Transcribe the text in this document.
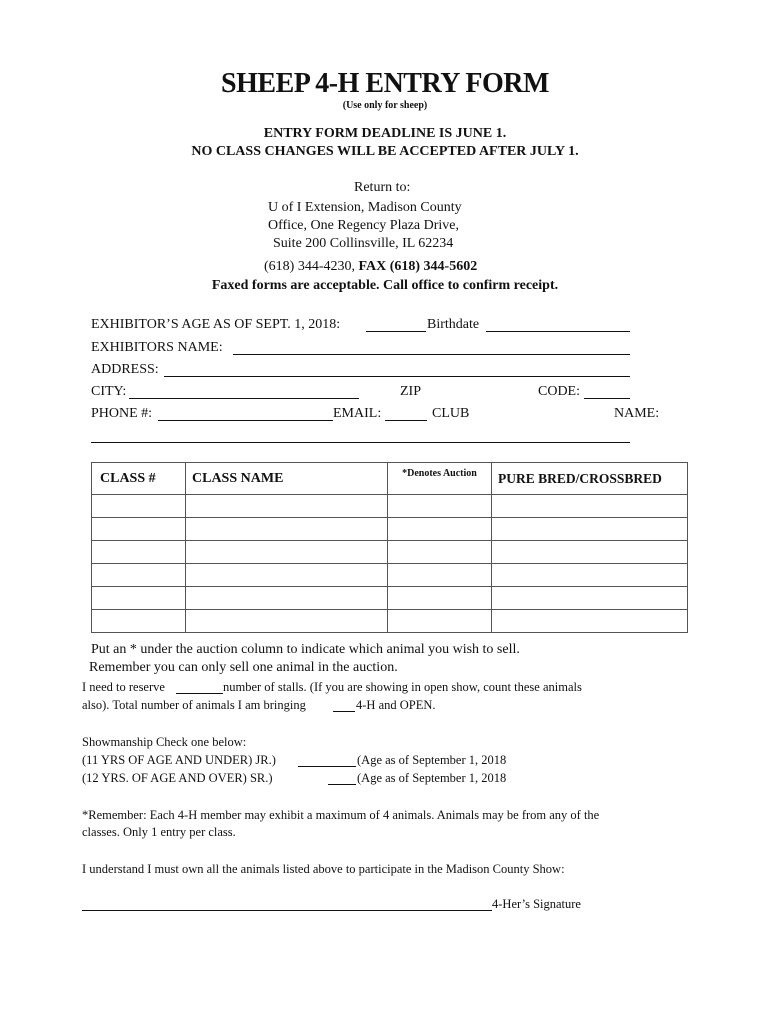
SHEEP 4-H ENTRY FORM
(Use only for sheep)
ENTRY FORM DEADLINE IS JUNE 1.
NO CLASS CHANGES WILL BE ACCEPTED AFTER JULY 1.
Return to:
U of I Extension, Madison County
Office, One Regency Plaza Drive,
Suite 200 Collinsville, IL 62234
(618) 344-4230, FAX (618) 344-5602
Faxed forms are acceptable. Call office to confirm receipt.
EXHIBITOR’S AGE AS OF SEPT. 1, 2018:	Birthdate
EXHIBITORS NAME:
ADDRESS:
CITY:	ZIP	CODE:
PHONE #:	EMAIL:	CLUB	NAME:
CLASS #	CLASS NAME	*Denotes Auction	PURE BRED/CROSSBRED

Put an * under the auction column to indicate which animal you wish to sell.
Remember you can only sell one animal in the auction.
I need to reserve	number of stalls. (If you are showing in open show, count these animals
also). Total number of animals I am bringing	4-H and OPEN.
Showmanship Check one below:
(11 YRS OF AGE AND UNDER) JR.)	(Age as of September 1, 2018
(12 YRS. OF AGE AND OVER) SR.)	(Age as of September 1, 2018
*Remember: Each 4-H member may exhibit a maximum of 4 animals. Animals may be from any of the
classes. Only 1 entry per class.
I understand I must own all the animals listed above to participate in the Madison County Show:
4-Her’s Signature
